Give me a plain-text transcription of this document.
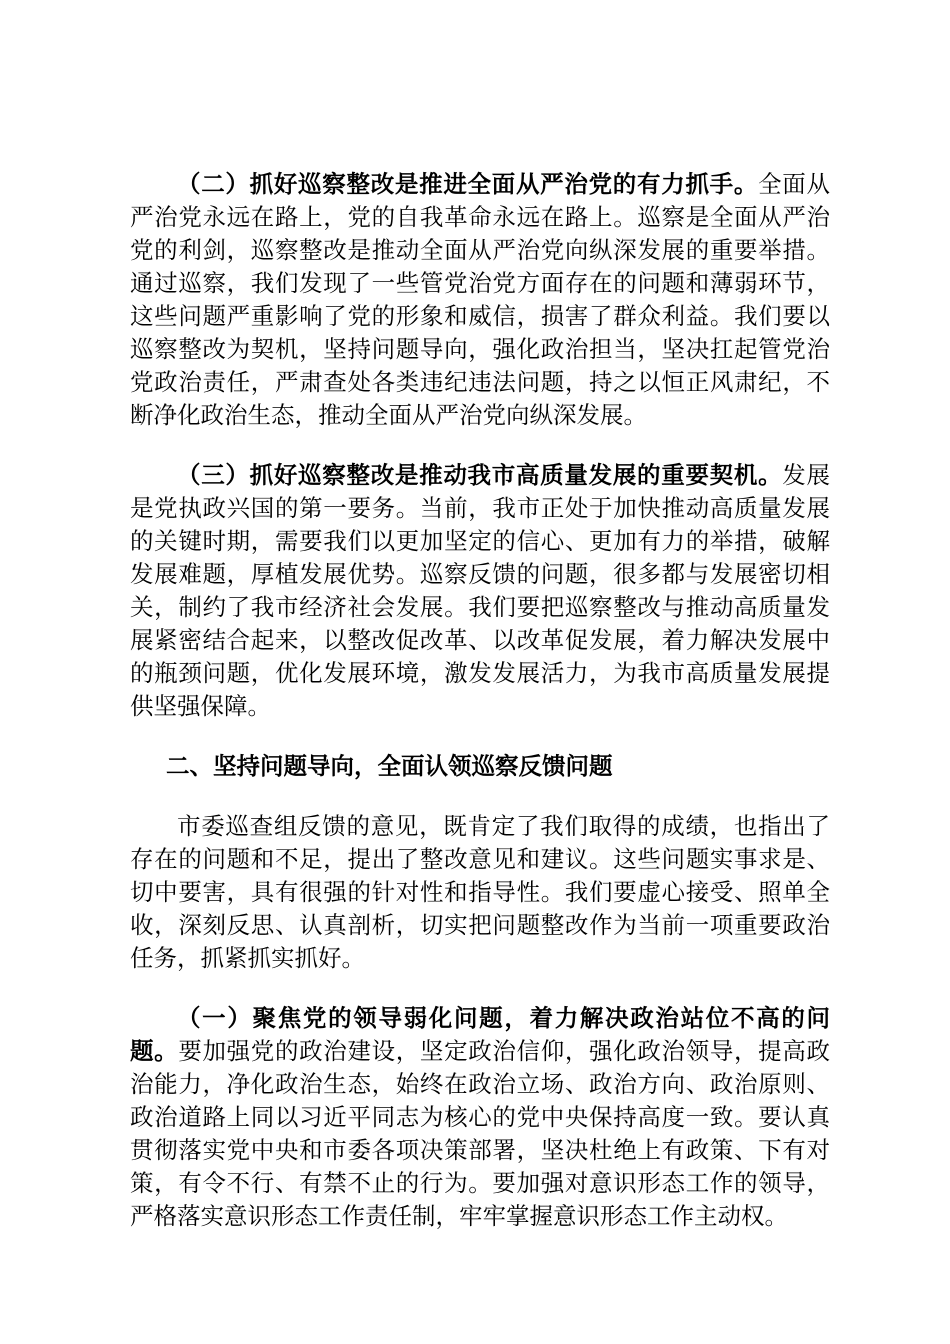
（二）抓好巡察整改是推进全面从严治党的有力抓手。全面从严治党永远在路上，党的自我革命永远在路上。巡察是全面从严治党的利剑，巡察整改是推动全面从严治党向纵深发展的重要举措。通过巡察，我们发现了一些管党治党方面存在的问题和薄弱环节，这些问题严重影响了党的形象和威信，损害了群众利益。我们要以巡察整改为契机，坚持问题导向，强化政治担当，坚决扛起管党治党政治责任，严肃查处各类违纪违法问题，持之以恒正风肃纪，不断净化政治生态，推动全面从严治党向纵深发展。

（三）抓好巡察整改是推动我市高质量发展的重要契机。发展是党执政兴国的第一要务。当前，我市正处于加快推动高质量发展的关键时期，需要我们以更加坚定的信心、更加有力的举措，破解发展难题，厚植发展优势。巡察反馈的问题，很多都与发展密切相关，制约了我市经济社会发展。我们要把巡察整改与推动高质量发展紧密结合起来，以整改促改革、以改革促发展，着力解决发展中的瓶颈问题，优化发展环境，激发发展活力，为我市高质量发展提供坚强保障。

二、坚持问题导向，全面认领巡察反馈问题

市委巡查组反馈的意见，既肯定了我们取得的成绩，也指出了存在的问题和不足，提出了整改意见和建议。这些问题实事求是、切中要害，具有很强的针对性和指导性。我们要虚心接受、照单全收，深刻反思、认真剖析，切实把问题整改作为当前一项重要政治任务，抓紧抓实抓好。

（一）聚焦党的领导弱化问题，着力解决政治站位不高的问题。要加强党的政治建设，坚定政治信仰，强化政治领导，提高政治能力，净化政治生态，始终在政治立场、政治方向、政治原则、政治道路上同以习近平同志为核心的党中央保持高度一致。要认真贯彻落实党中央和市委各项决策部署，坚决杜绝上有政策、下有对策，有令不行、有禁不止的行为。要加强对意识形态工作的领导，严格落实意识形态工作责任制，牢牢掌握意识形态工作主动权。
